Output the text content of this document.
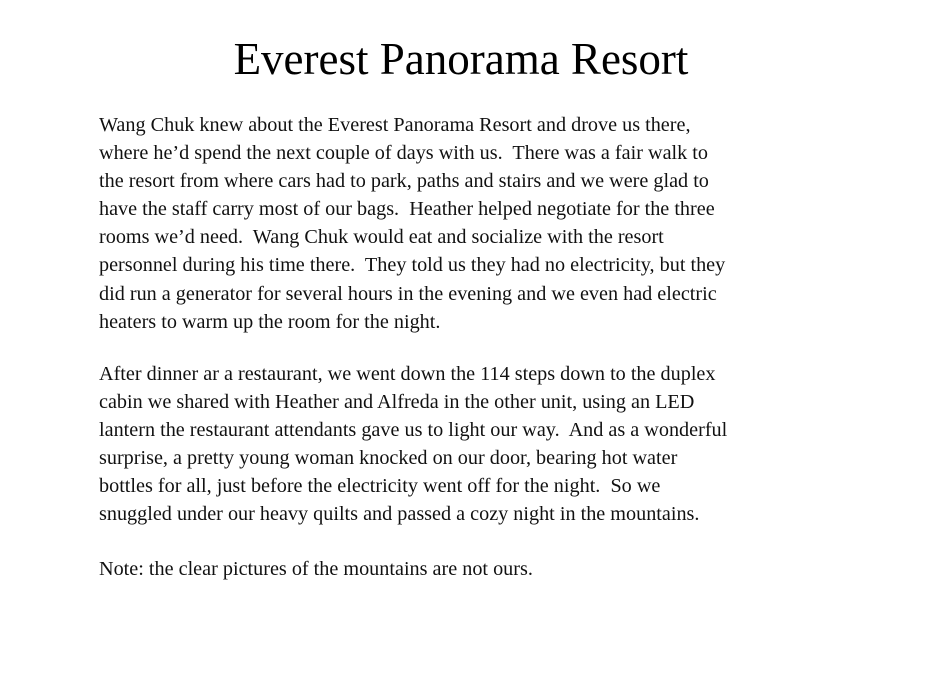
Everest Panorama Resort
Wang Chuk knew about the Everest Panorama Resort and drove us there,
where he’d spend the next couple of days with us.  There was a fair walk to
the resort from where cars had to park, paths and stairs and we were glad to
have the staff carry most of our bags.  Heather helped negotiate for the three
rooms we’d need.  Wang Chuk would eat and socialize with the resort
personnel during his time there.  They told us they had no electricity, but they
did run a generator for several hours in the evening and we even had electric
heaters to warm up the room for the night.
After dinner ar a restaurant, we went down the 114 steps down to the duplex
cabin we shared with Heather and Alfreda in the other unit, using an LED
lantern the restaurant attendants gave us to light our way.  And as a wonderful
surprise, a pretty young woman knocked on our door, bearing hot water
bottles for all, just before the electricity went off for the night.  So we
snuggled under our heavy quilts and passed a cozy night in the mountains.
Note: the clear pictures of the mountains are not ours.
